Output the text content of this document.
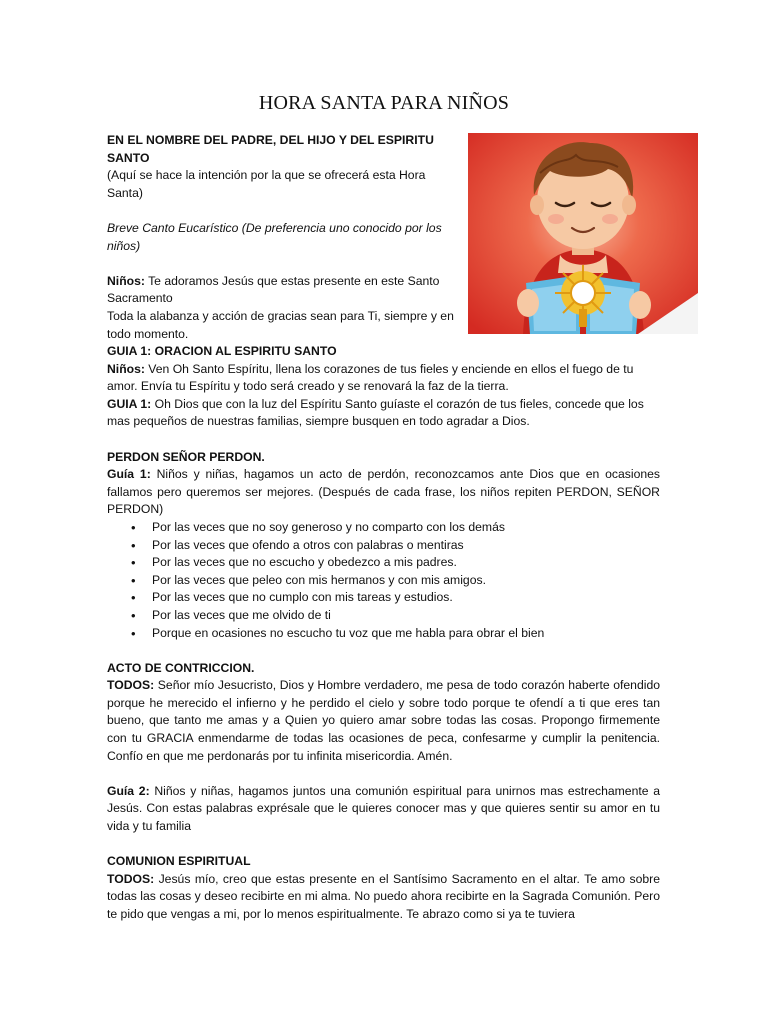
HORA SANTA PARA NIÑOS

EN EL NOMBRE DEL PADRE, DEL HIJO Y DEL ESPIRITU SANTO

(Aquí se hace la intención por la que se ofrecerá esta Hora Santa)

Breve Canto Eucarístico (De preferencia uno conocido por los niños)

Niños: Te adoramos Jesús que estas presente en este Santo Sacramento

Toda la alabanza y acción de gracias sean para Ti, siempre y en todo momento.

GUIA 1: ORACION AL ESPIRITU SANTO

Niños: Ven Oh Santo Espíritu, llena los corazones de tus fieles y enciende en ellos el fuego de tu amor. Envía tu Espíritu y todo será creado y se renovará la faz de la tierra.

GUIA 1: Oh Dios que con la luz del Espíritu Santo guíaste el corazón de tus fieles, concede que los mas pequeños de nuestras familias, siempre busquen en todo agradar a Dios.

PERDON SEÑOR PERDON.

Guía 1: Niños y niñas, hagamos un acto de perdón, reconozcamos ante Dios que en ocasiones fallamos pero queremos ser mejores. (Después de cada frase, los niños repiten PERDON, SEÑOR PERDON)

• Por las veces que no soy generoso y no comparto con los demás
• Por las veces que ofendo a otros con palabras o mentiras
• Por las veces que no escucho y obedezco a mis padres.
• Por las veces que peleo con mis hermanos y con mis amigos.
• Por las veces que no cumplo con mis tareas y estudios.
• Por las veces que me olvido de ti
• Porque en ocasiones no escucho tu voz que me habla para obrar el bien

ACTO DE CONTRICCION.

TODOS: Señor mío Jesucristo, Dios y Hombre verdadero, me pesa de todo corazón haberte ofendido porque he merecido el infierno y he perdido el cielo y sobre todo porque te ofendí a ti que eres tan bueno, que tanto me amas y a Quien yo quiero amar sobre todas las cosas. Propongo firmemente con tu GRACIA enmendarme de todas las ocasiones de peca, confesarme y cumplir la penitencia. Confío en que me perdonarás por tu infinita misericordia. Amén.

Guía 2: Niños y niñas, hagamos juntos una comunión espiritual para unirnos mas estrechamente a Jesús. Con estas palabras exprésale que le quieres conocer mas y que quieres sentir su amor en tu vida y tu familia

COMUNION ESPIRITUAL

TODOS: Jesús mío, creo que estas presente en el Santísimo Sacramento en el altar. Te amo sobre todas las cosas y deseo recibirte en mi alma. No puedo ahora recibirte en la Sagrada Comunión. Pero te pido que vengas a mi, por lo menos espiritualmente. Te abrazo como si ya te tuviera
